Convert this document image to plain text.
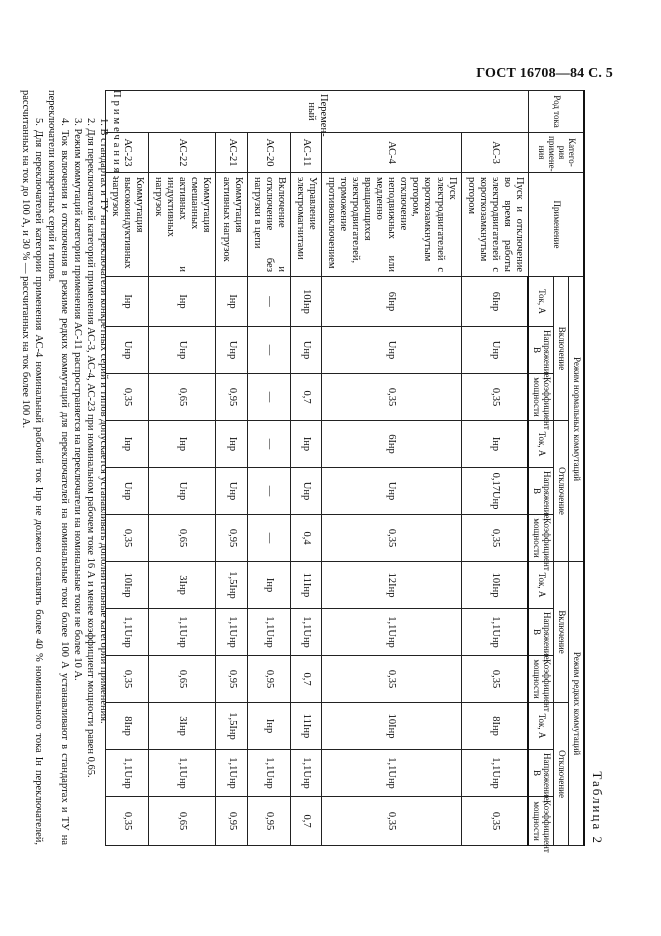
ГОСТ 16708—84 С. 5
Таблица 2
Род тока	Катего-рия примене-ния	Применение	Режим нормальных коммутаций						Режим редких коммутаций					
			Включение			Отключение			Включение			Отключение		
			Ток, А	Напряжение, В	Коэффициент мощности	Ток, А	Напряжение, В	Коэффициент мощности	Ток, А	Напряжение, В	Коэффициент мощности	Ток, А	Напряжение, В	Коэффициент мощности
Перемен-ный	АС-3	Пуск и отключение во время работы электродвигателей с короткозамкнутым ротором	6Iнр	Uнр	0,35	Iнр	0,17Uнр	0,35	10Iнр	1,1Uнр	0,35	8Iнр	1,1Uнр	0,35
	АС-4	Пуск электродвигателей с короткозамкнутым ротором, отключение неподвижных или медленно вращающихся электродвигателей, торможение противовключением	6Iнр	Uнр	0,35	6Iнр	Uнр	0,35	12Iнр	1,1Uнр	0,35	10Iнр	1,1Uнр	0,35
	АС-11	Управление электромагнитами	10Iнр	Uнр	0,7	Iнр	Uнр	0,4	11Iнр	1,1Uнр	0,7	11Iнр	1,1Uнр	0,7
	АС-20	Включение и отключение без нагрузки в цепи	—	—	—	—	—	—	Iнр	1,1Uнр	0,95	Iнр	1,1Uнр	0,95
	АС-21	Коммутация активных нагрузок	Iнр	Uнр	0,95	Iнр	Uнр	0,95	1,5Iнр	1,1Uнр	0,95	1,5Iнр	1,1Uнр	0,95
	АС-22	Коммутация смешанных активных и индуктивных нагрузок	Iнр	Uнр	0,65	Iнр	Uнр	0,65	3Iнр	1,1Uнр	0,65	3Iнр	1,1Uнр	0,65
	АС-23	Коммутация высокоиндуктивных нагрузок	Iнр	Uнр	0,35	Iнр	Uнр	0,35	10Iнр	1,1Uнр	0,35	8Iнр	1,1Uнр	0,35

Примечания:

1. В стандартах и ТУ на переключатели конкретных серий и типов допускается устанавливать дополнительные категории применения.

2. Для переключателей категорий применения АС-3, АС-4, АС-23 при номинальном рабочем токе 16 А и менее коэффициент мощности равен 0,65.

3. Режим коммутаций категории применения АС-11 распространяется на переключатели на номинальные токи не более 10 А.

4. Ток включения и отключения в режиме редких коммутаций для переключателей на номинальные токи более 100 А устанавливают в стандартах и ТУ на переключатели конкретных серий и типов.

5. Для переключателей категории применения АС-4 номинальный рабочий ток Iнр не должен составлять более 40 % номинального тока Iн переключателей, рассчитанных на ток до 100 А, и 30 % — рассчитанных на ток более 100 А.
